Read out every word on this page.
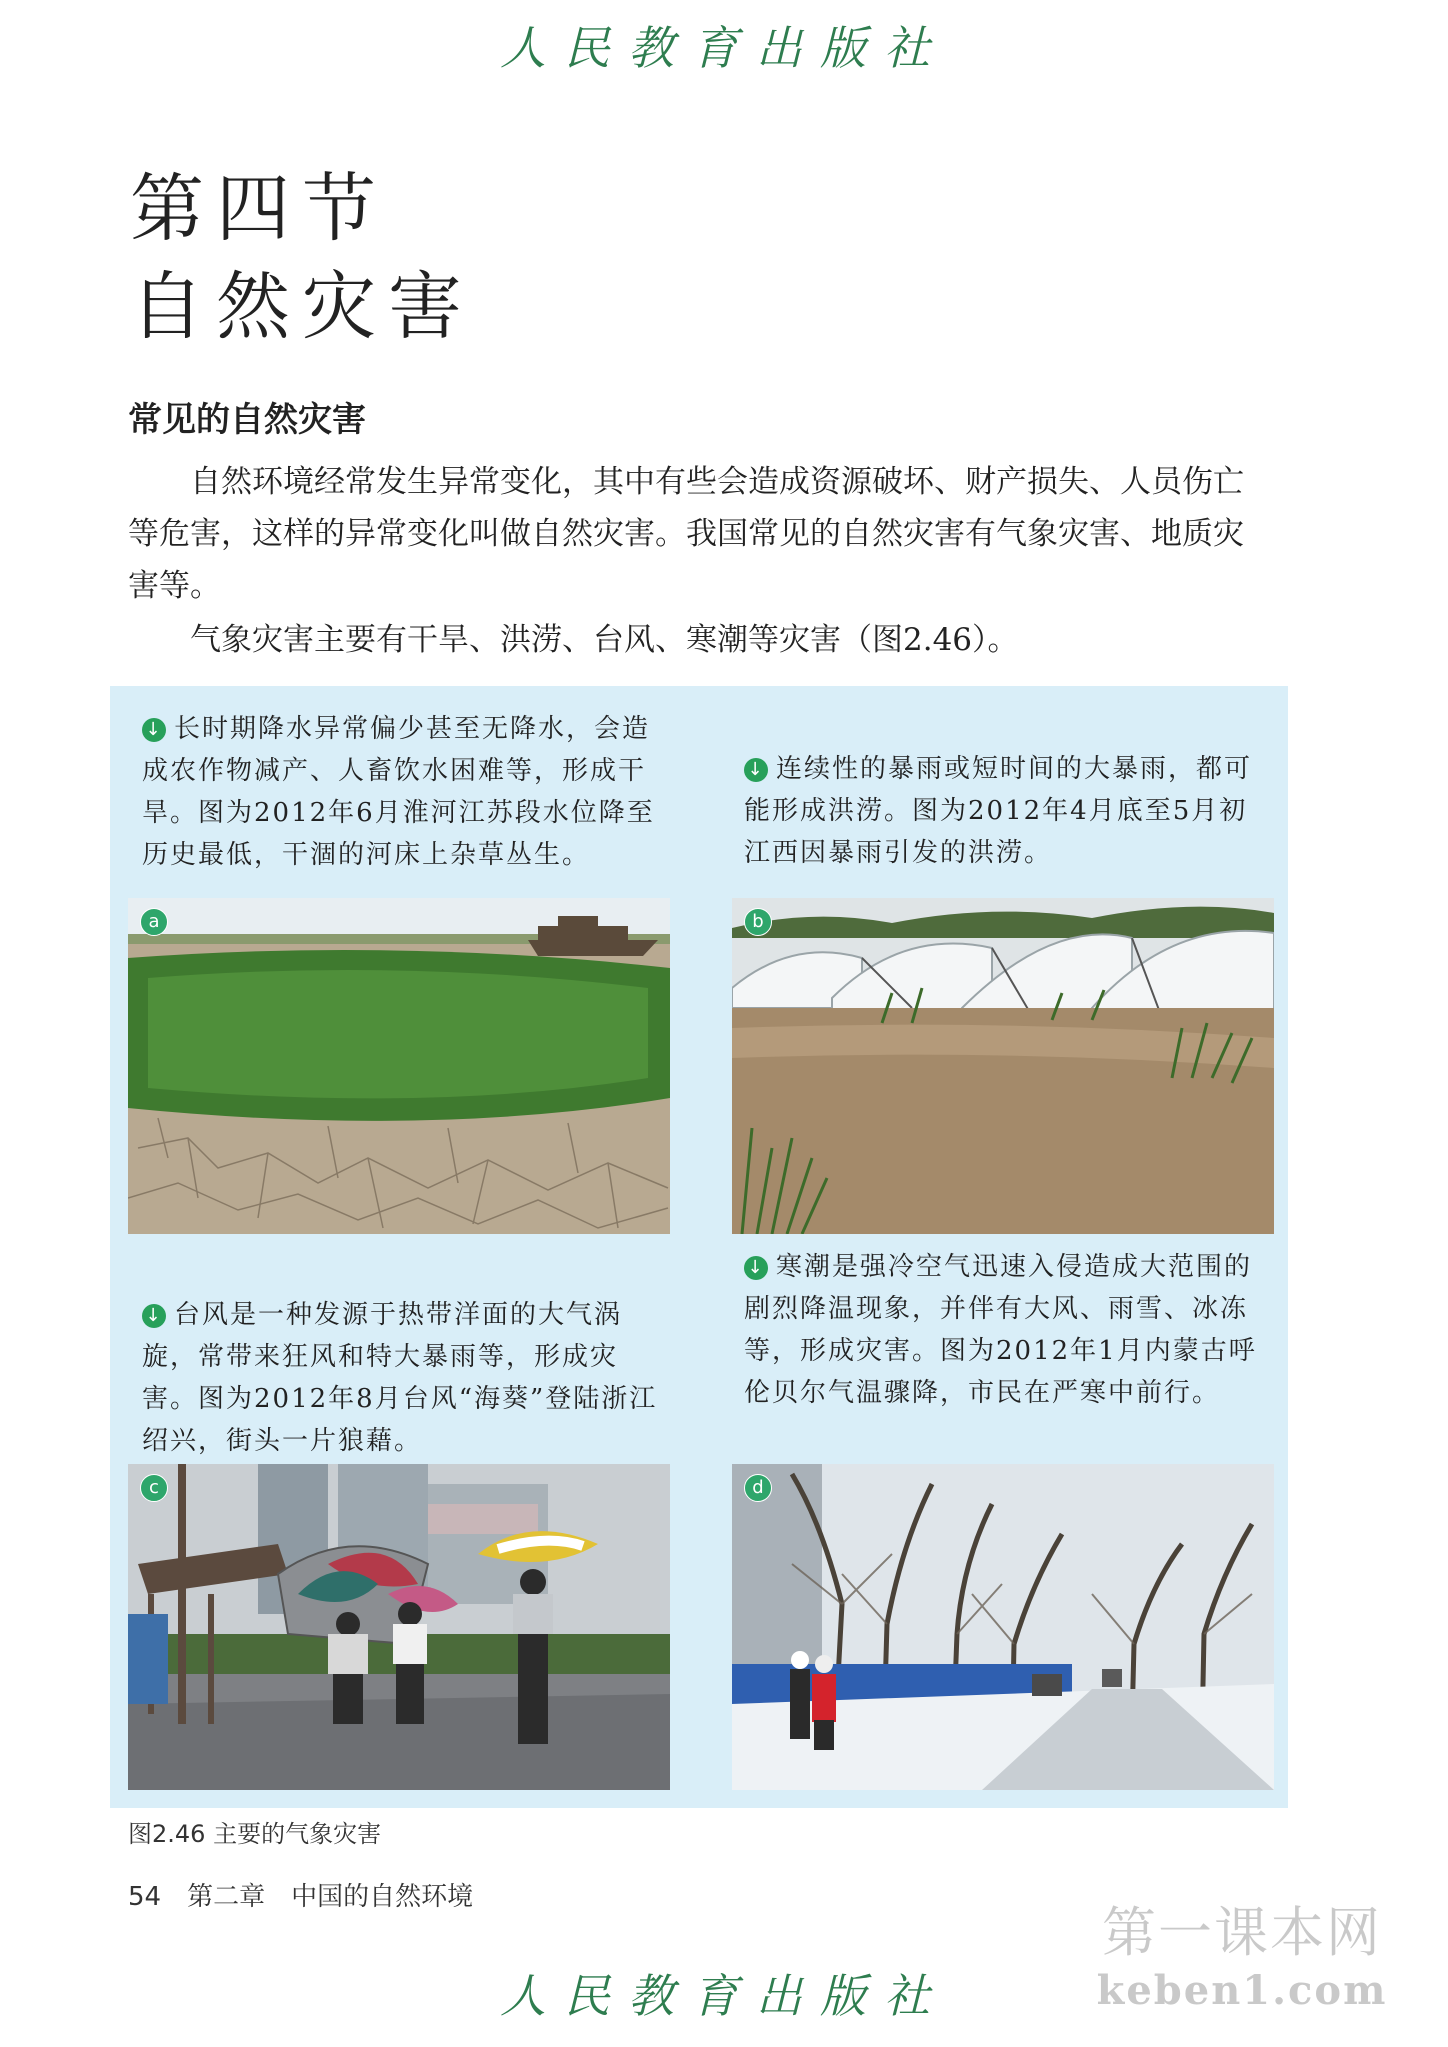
人民教育出版社
第四节
自然灾害
常见的自然灾害
自然环境经常发生异常变化，其中有些会造成资源破坏、财产损失、人员伤亡等危害，这样的异常变化叫做自然灾害。我国常见的自然灾害有气象灾害、地质灾害等。
气象灾害主要有干旱、洪涝、台风、寒潮等灾害（图2.46）。
↓ 长时期降水异常偏少甚至无降水，会造成农作物减产、人畜饮水困难等，形成干旱。图为2012年6月淮河江苏段水位降至历史最低，干涸的河床上杂草丛生。
↓ 连续性的暴雨或短时间的大暴雨，都可能形成洪涝。图为2012年4月底至5月初江西因暴雨引发的洪涝。
↓ 台风是一种发源于热带洋面的大气涡旋，常带来狂风和特大暴雨等，形成灾害。图为2012年8月台风“海葵”登陆浙江绍兴，街头一片狼藉。
↓ 寒潮是强冷空气迅速入侵造成大范围的剧烈降温现象，并伴有大风、雨雪、冰冻等，形成灾害。图为2012年1月内蒙古呼伦贝尔气温骤降，市民在严寒中前行。
a	b
c	d
图2.46 主要的气象灾害
54 第二章 中国的自然环境
第一课本网
keben1.com
人民教育出版社
